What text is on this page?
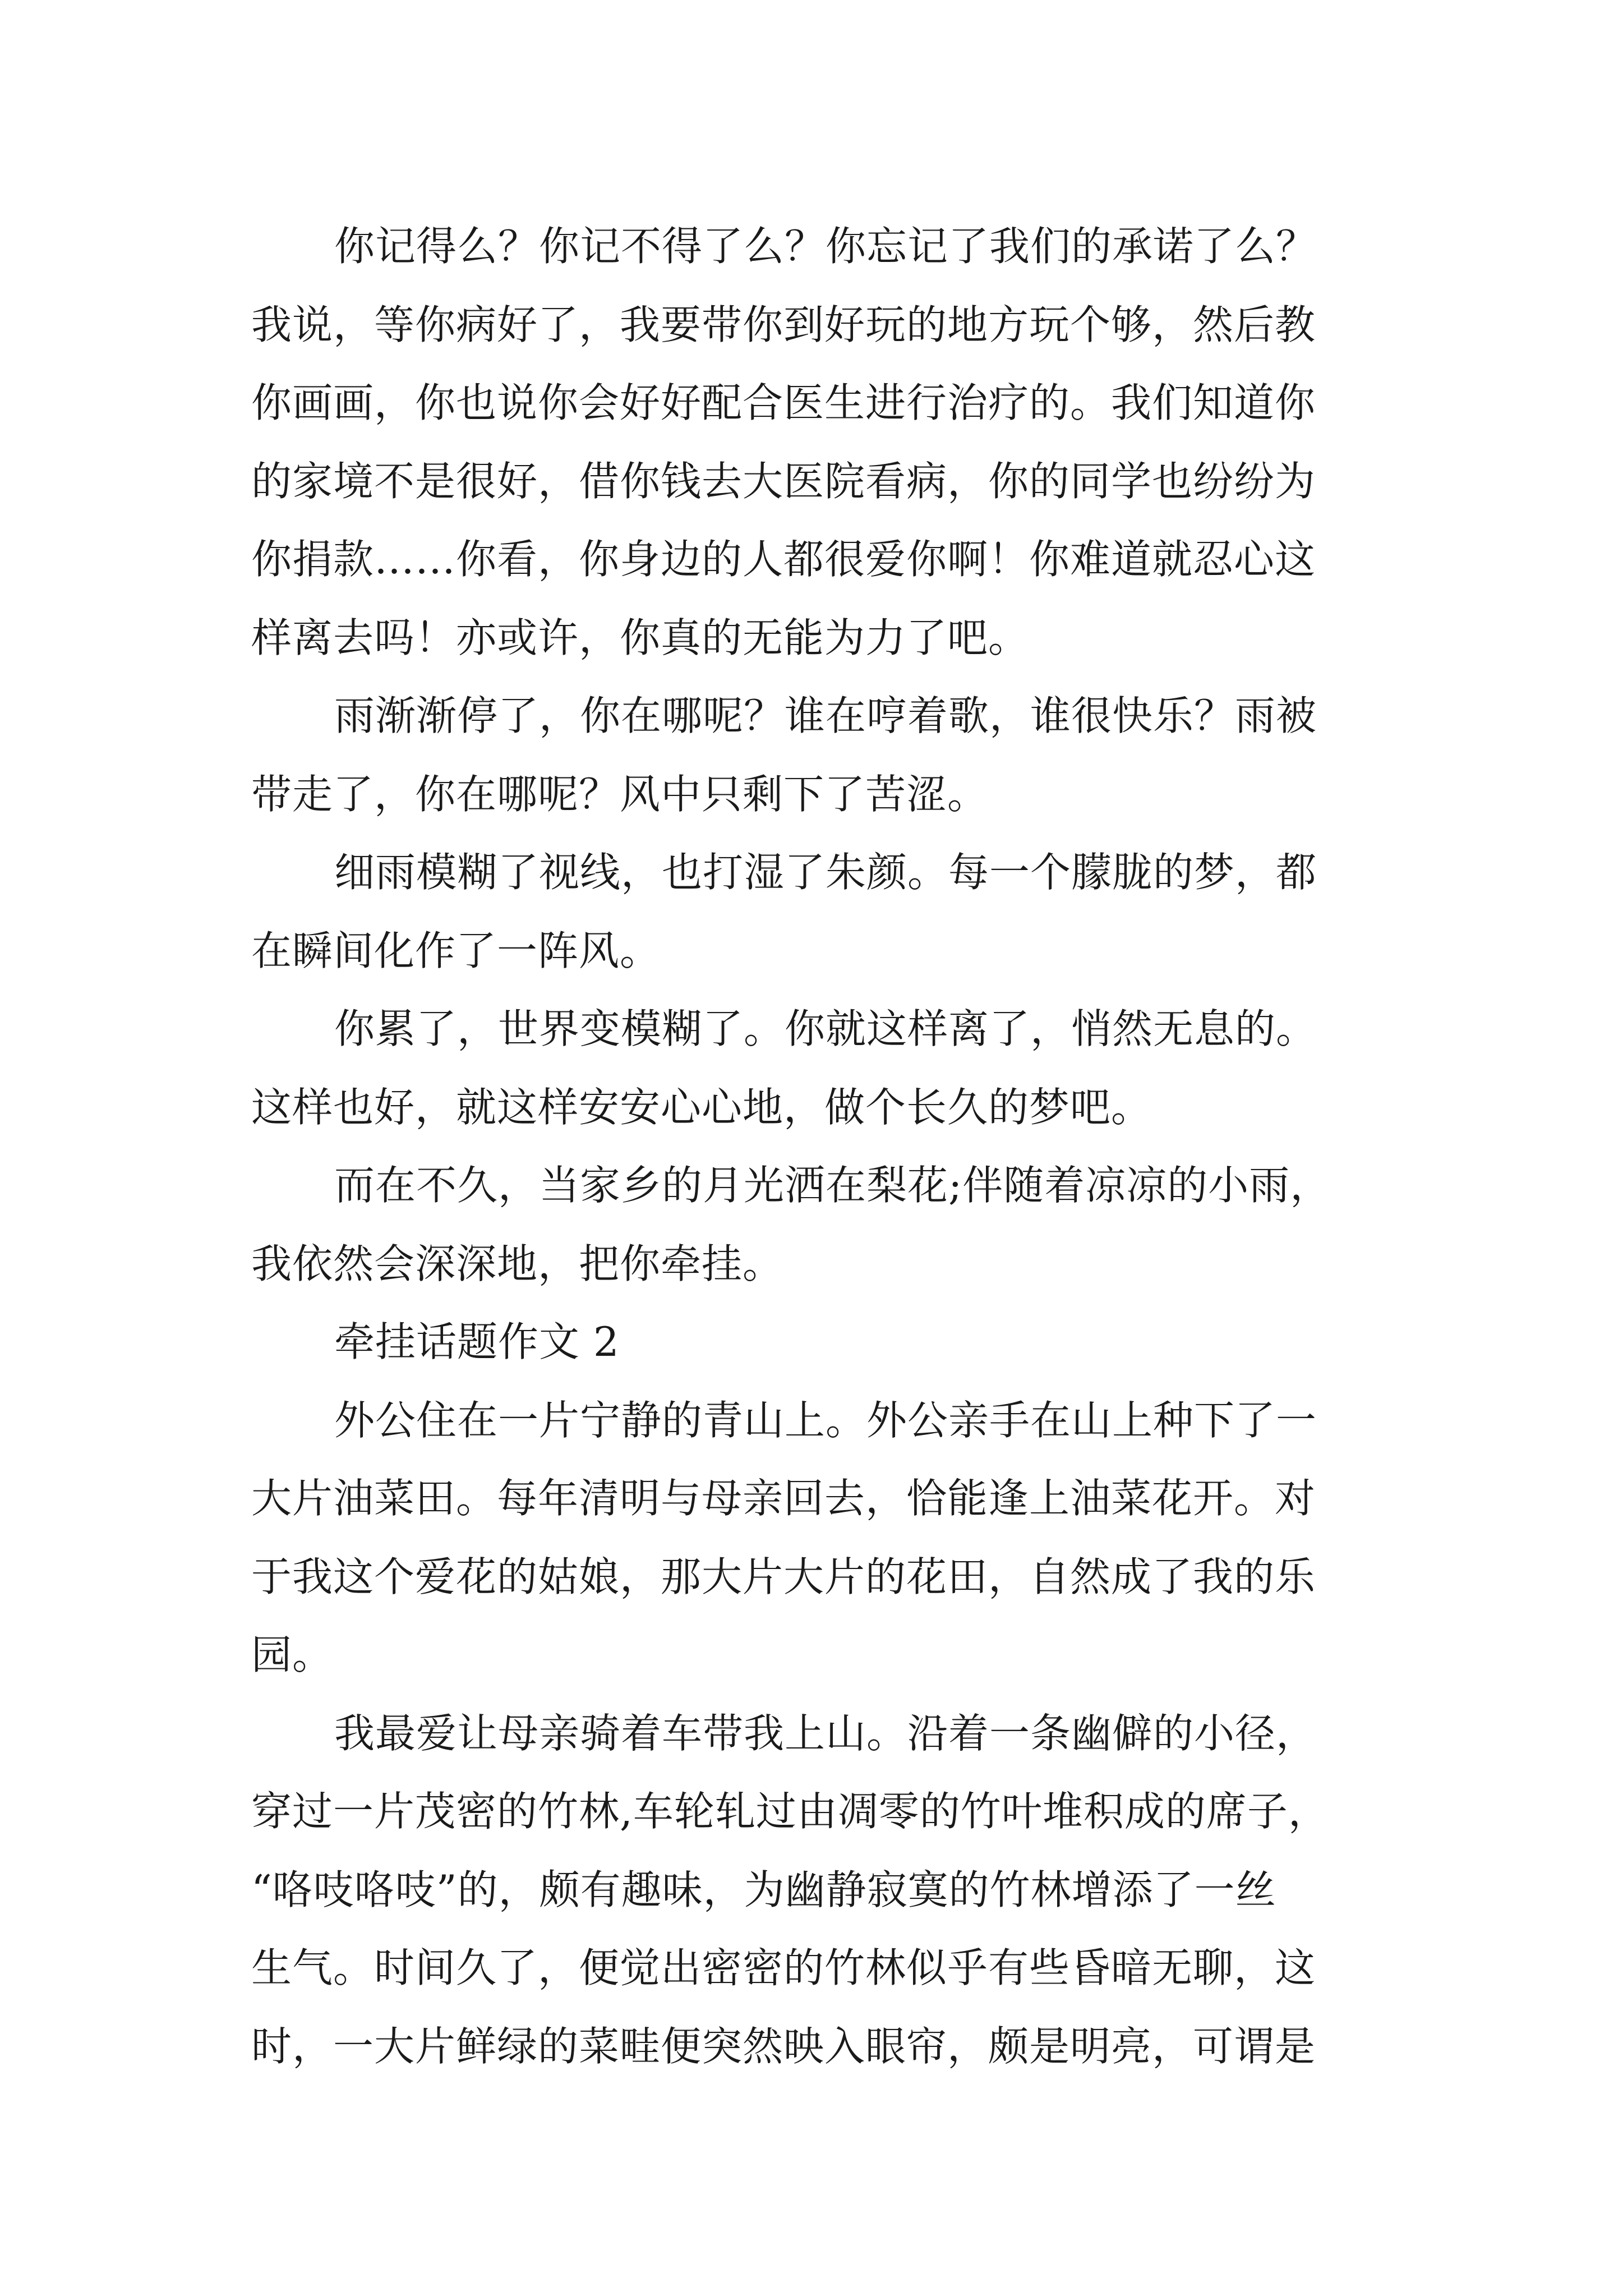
你记得么？你记不得了么？你忘记了我们的承诺了么？
我说，等你病好了，我要带你到好玩的地方玩个够，然后教
你画画，你也说你会好好配合医生进行治疗的。我们知道你
的家境不是很好，借你钱去大医院看病，你的同学也纷纷为
你捐款……你看，你身边的人都很爱你啊！你难道就忍心这
样离去吗！亦或许，你真的无能为力了吧。
雨渐渐停了，你在哪呢？谁在哼着歌，谁很快乐？雨被
带走了，你在哪呢？风中只剩下了苦涩。
细雨模糊了视线，也打湿了朱颜。每一个朦胧的梦，都
在瞬间化作了一阵风。
你累了，世界变模糊了。你就这样离了，悄然无息的。
这样也好，就这样安安心心地，做个长久的梦吧。
而在不久，当家乡的月光洒在梨花;伴随着凉凉的小雨，
我依然会深深地，把你牵挂。
牵挂话题作文 2
外公住在一片宁静的青山上。外公亲手在山上种下了一
大片油菜田。每年清明与母亲回去，恰能逢上油菜花开。对
于我这个爱花的姑娘，那大片大片的花田，自然成了我的乐
园。
我最爱让母亲骑着车带我上山。沿着一条幽僻的小径，
穿过一片茂密的竹林,车轮轧过由凋零的竹叶堆积成的席子，
“咯吱咯吱”的，颇有趣味，为幽静寂寞的竹林增添了一丝
生气。时间久了，便觉出密密的竹林似乎有些昏暗无聊，这
时，一大片鲜绿的菜畦便突然映入眼帘，颇是明亮，可谓是
